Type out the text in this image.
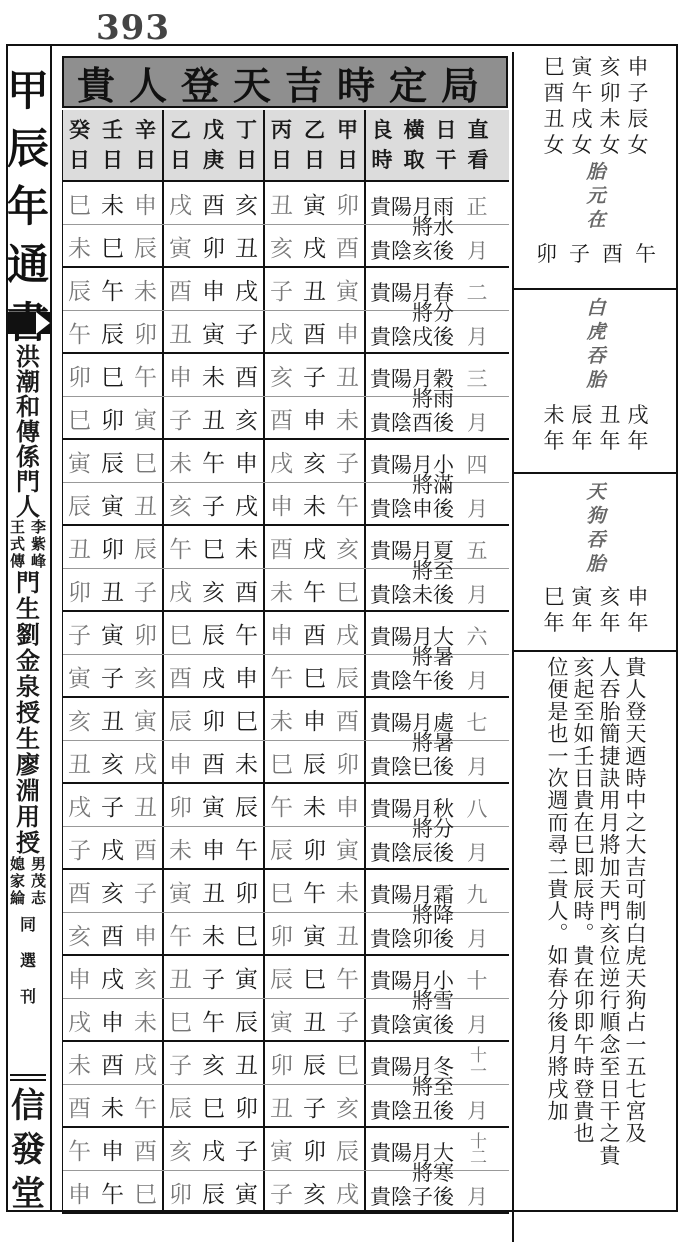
393
甲
辰
年
通
洪
潮
和
傳
係
門
人
王 李
式 紫
傳 峰
門
生
劉
金
泉
授
生
廖
淵
用
授
媳 男
家 茂
綸 志
同
選
刊
信
發
堂
貴人登天吉時定局
癸
日
壬
日
辛
日
乙
日
戊
庚
丁
日
丙
日
乙
日
甲
日
良
時
橫
取
日
干
直
看
巳 未 申 戌 酉 亥 丑 寅 卯 貴陽月 雨 正
未 巳 辰 寅 卯 丑 亥 戌 酉
將 水
貴陰亥後 月
辰 午 未 酉 申 戌 子 丑 寅 貴陽月 春 二
午 辰 卯 丑 寅 子 戌 酉 申
將 分
貴陰戌後 月
卯 巳 午 申 未 酉 亥 子 丑 貴陽月 穀 三
巳 卯 寅 子 丑 亥 酉 申 未
將 雨
貴陰酉後 月
寅 辰 巳 未 午 申 戌 亥 子 貴陽月 小 四
辰 寅 丑 亥 子 戌 申 未 午
將 滿
貴陰申後 月
丑 卯 辰 午 巳 未 酉 戌 亥 貴陽月 夏 五
卯 丑 子 戌 亥 酉 未 午 巳
將 至
貴陰未後 月
子 寅 卯 巳 辰 午 申 酉 戌 貴陽月 大 六
寅 子 亥 酉 戌 申 午 巳 辰
將 暑
貴陰午後 月
亥 丑 寅 辰 卯 巳 未 申 酉 貴陽月 處 七
丑 亥 戌 申 酉 未 巳 辰 卯
將 暑
貴陰巳後 月
戌 子 丑 卯 寅 辰 午 未 申 貴陽月 秋 八
子 戌 酉 未 申 午 辰 卯 寅
將 分
貴陰辰後 月
酉 亥 子 寅 丑 卯 巳 午 未 貴陽月 霜 九
亥 酉 申 午 未 巳 卯 寅 丑
將 降
貴陰卯後 月
申 戌 亥 丑 子 寅 辰 巳 午 貴陽月 小 十
戌 申 未 巳 午 辰 寅 丑 子
將 雪
貴陰寅後 月
未 酉 戌 子 亥 丑 卯 辰 巳 貴陽月 冬 十一
酉 未 午 辰 巳 卯 丑 子 亥
將 至
貴陰丑後 月
午 申 酉 亥 戌 子 寅 卯 辰 貴陽月 大 十二
申 午 巳 卯 辰 寅 子 亥 戌
將 寒
貴陰子後 月
申
子
辰
女
亥
卯
未
女
寅
午
戌
女
巳
酉
丑
女
胎
元
在
卯 子 酉 午
白
虎
吞
胎
戌
年
丑
年
辰
年
未
年
天
狗
吞
胎
申
年
亥
年
寅
年
巳
年
貴人登天迺時中之大吉可制白虎天狗占一五七宮及
人吞胎簡捷訣用月將加天門亥位逆行順念至日干之貴
亥起至如壬日貴在巳即辰時。貴在卯即午時登貴也
位便是也一次週而尋二貴人。如春分後月將戌加
